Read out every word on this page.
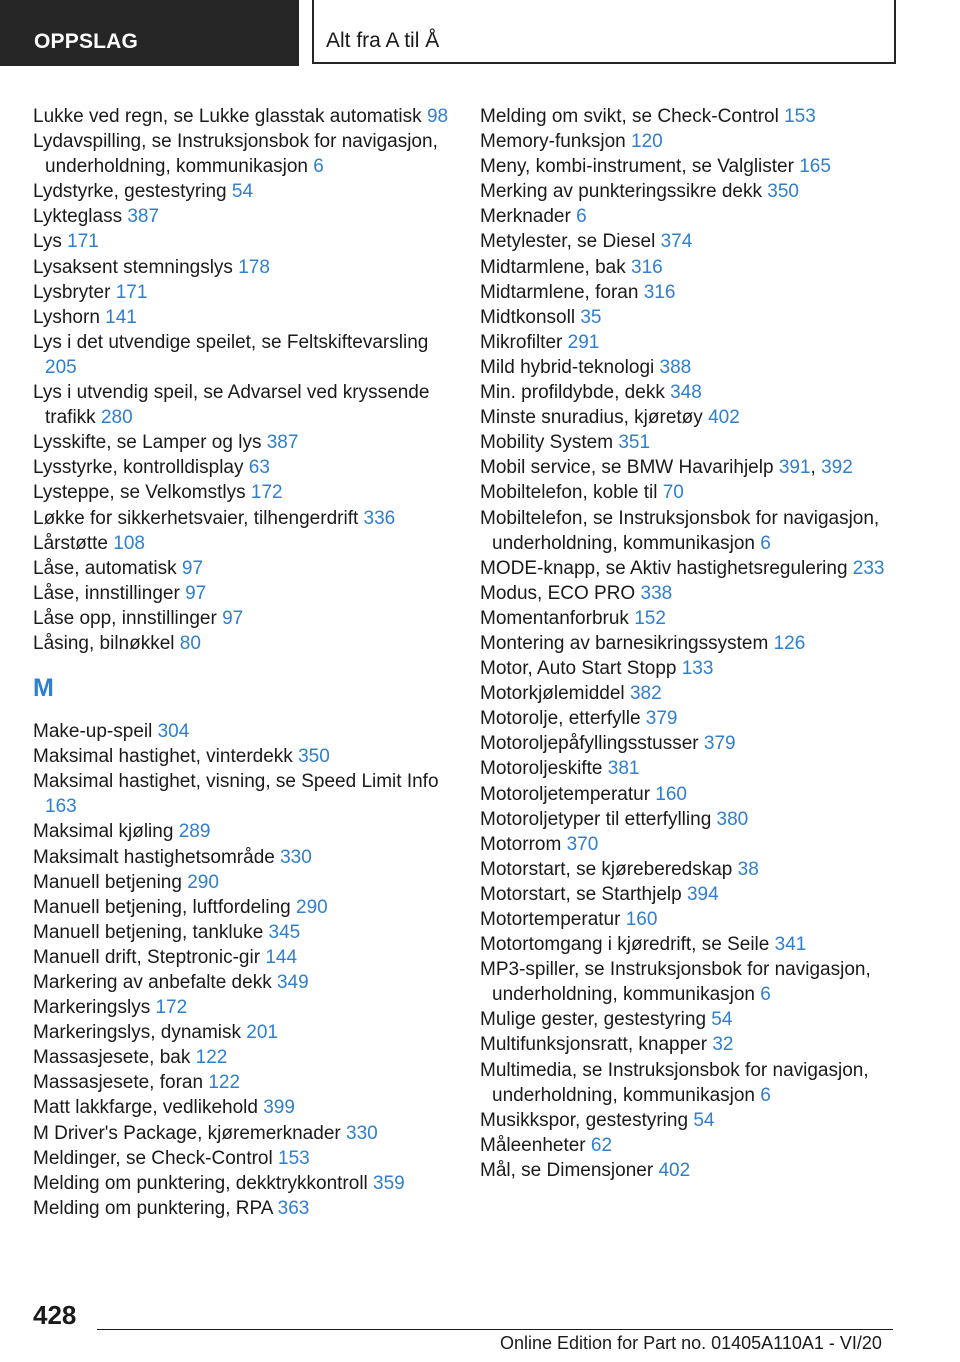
OPPSLAG	Alt fra A til Å
Lukke ved regn, se Lukke glasstak automatisk 98
Lydavspilling, se Instruksjonsbok for navigasjon, underholdning, kommunikasjon 6
Lydstyrke, gestestyring 54
Lykteglass 387
Lys 171
Lysaksent stemningslys 178
Lysbryter 171
Lyshorn 141
Lys i det utvendige speilet, se Feltskiftevarsling 205
Lys i utvendig speil, se Advarsel ved kryssende trafikk 280
Lysskifte, se Lamper og lys 387
Lysstyrke, kontrolldisplay 63
Lysteppe, se Velkomstlys 172
Løkke for sikkerhetsvaier, tilhengerdrift 336
Lårstøtte 108
Låse, automatisk 97
Låse, innstillinger 97
Låse opp, innstillinger 97
Låsing, bilnøkkel 80
M
Make-up-speil 304
Maksimal hastighet, vinterdekk 350
Maksimal hastighet, visning, se Speed Limit Info 163
Maksimal kjøling 289
Maksimalt hastighetsområde 330
Manuell betjening 290
Manuell betjening, luftfordeling 290
Manuell betjening, tankluke 345
Manuell drift, Steptronic-gir 144
Markering av anbefalte dekk 349
Markeringslys 172
Markeringslys, dynamisk 201
Massasjesete, bak 122
Massasjesete, foran 122
Matt lakkfarge, vedlikehold 399
M Driver's Package, kjøremerknader 330
Meldinger, se Check-Control 153
Melding om punktering, dekktrykkontroll 359
Melding om punktering, RPA 363
Melding om svikt, se Check-Control 153
Memory-funksjon 120
Meny, kombi-instrument, se Valglister 165
Merking av punkteringssikre dekk 350
Merknader 6
Metylester, se Diesel 374
Midtarmlene, bak 316
Midtarmlene, foran 316
Midtkonsoll 35
Mikrofilter 291
Mild hybrid-teknologi 388
Min. profildybde, dekk 348
Minste snuradius, kjøretøy 402
Mobility System 351
Mobil service, se BMW Havarihjelp 391, 392
Mobiltelefon, koble til 70
Mobiltelefon, se Instruksjonsbok for navigasjon, underholdning, kommunikasjon 6
MODE-knapp, se Aktiv hastighetsregulering 233
Modus, ECO PRO 338
Momentanforbruk 152
Montering av barnesikringssystem 126
Motor, Auto Start Stopp 133
Motorkjølemiddel 382
Motorolje, etterfylle 379
Motoroljepåfyllingsstusser 379
Motoroljeskifte 381
Motoroljetemperatur 160
Motoroljetyper til etterfylling 380
Motorrom 370
Motorstart, se kjøreberedskap 38
Motorstart, se Starthjelp 394
Motortemperatur 160
Motortomgang i kjøredrift, se Seile 341
MP3-spiller, se Instruksjonsbok for navigasjon, underholdning, kommunikasjon 6
Mulige gester, gestestyring 54
Multifunksjonsratt, knapper 32
Multimedia, se Instruksjonsbok for navigasjon, underholdning, kommunikasjon 6
Musikkspor, gestestyring 54
Måleenheter 62
Mål, se Dimensjoner 402
428
Online Edition for Part no. 01405A110A1 - VI/20
